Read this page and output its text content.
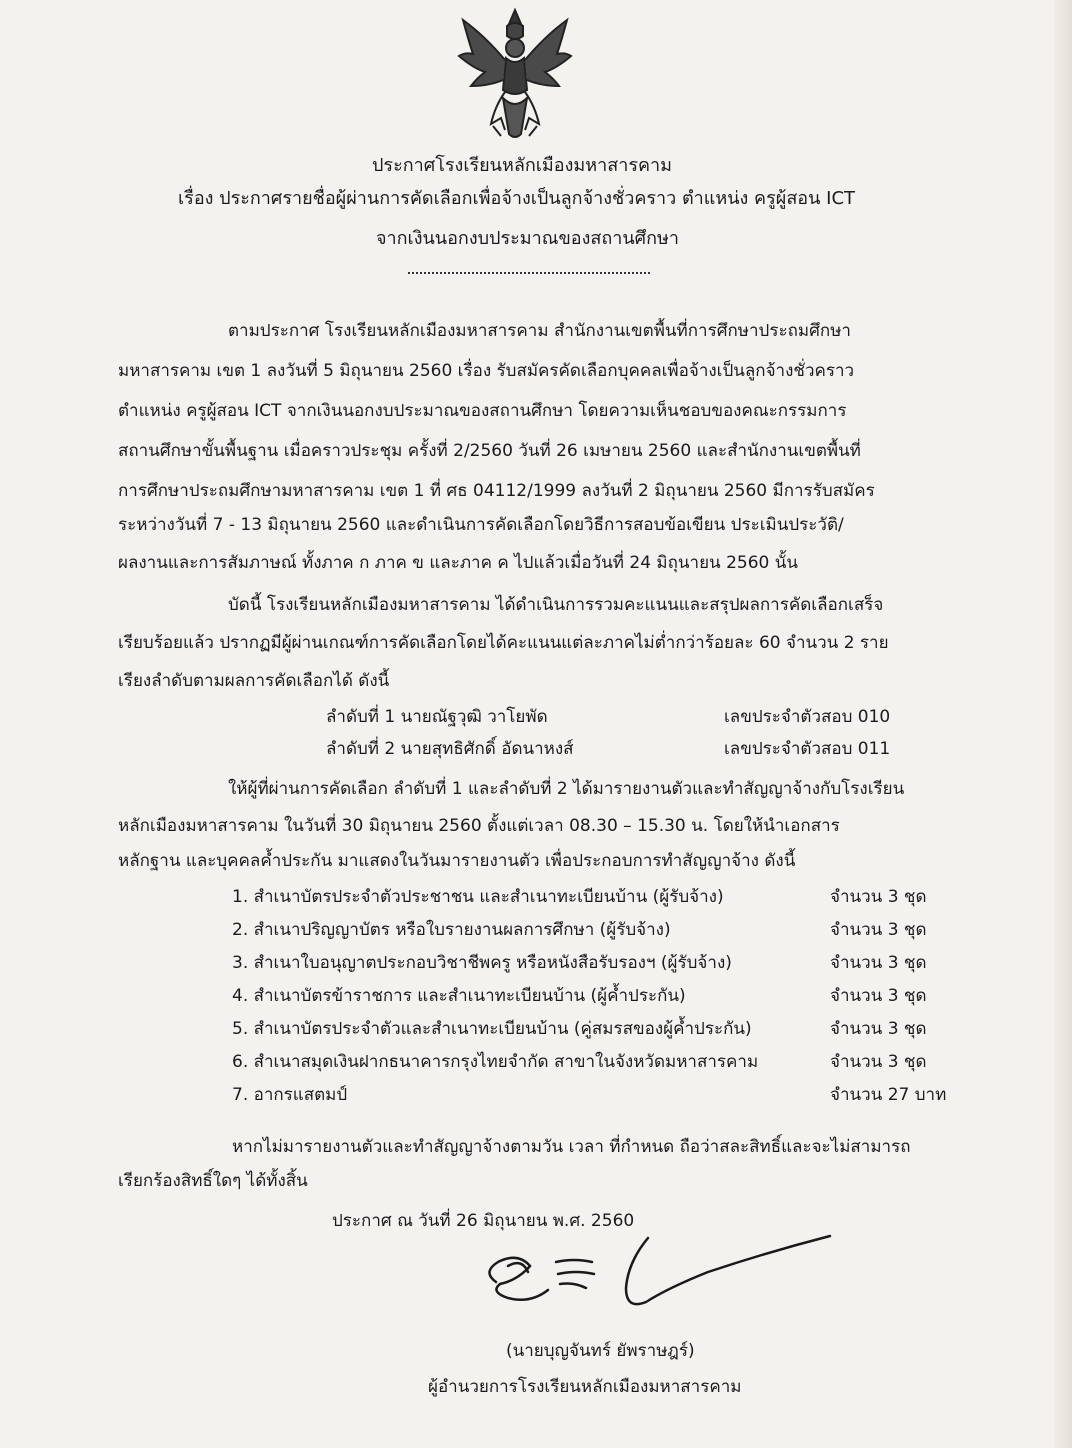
ประกาศโรงเรียนหลักเมืองมหาสารคาม
เรื่อง ประกาศรายชื่อผู้ผ่านการคัดเลือกเพื่อจ้างเป็นลูกจ้างชั่วคราว ตำแหน่ง ครูผู้สอน ICT
จากเงินนอกงบประมาณของสถานศึกษา
ตามประกาศ โรงเรียนหลักเมืองมหาสารคาม สำนักงานเขตพื้นที่การศึกษาประถมศึกษา
มหาสารคาม เขต 1 ลงวันที่ 5 มิถุนายน 2560 เรื่อง รับสมัครคัดเลือกบุคคลเพื่อจ้างเป็นลูกจ้างชั่วคราว
ตำแหน่ง ครูผู้สอน ICT จากเงินนอกงบประมาณของสถานศึกษา โดยความเห็นชอบของคณะกรรมการ
สถานศึกษาขั้นพื้นฐาน เมื่อคราวประชุม ครั้งที่ 2/2560 วันที่ 26 เมษายน 2560 และสำนักงานเขตพื้นที่
การศึกษาประถมศึกษามหาสารคาม เขต 1 ที่ ศธ 04112/1999 ลงวันที่ 2 มิถุนายน 2560 มีการรับสมัคร
ระหว่างวันที่ 7 - 13 มิถุนายน 2560 และดำเนินการคัดเลือกโดยวิธีการสอบข้อเขียน ประเมินประวัติ/
ผลงานและการสัมภาษณ์ ทั้งภาค ก ภาค ข และภาค ค ไปแล้วเมื่อวันที่ 24 มิถุนายน 2560 นั้น
บัดนี้ โรงเรียนหลักเมืองมหาสารคาม ได้ดำเนินการรวมคะแนนและสรุปผลการคัดเลือกเสร็จ
เรียบร้อยแล้ว ปรากฏมีผู้ผ่านเกณฑ์การคัดเลือกโดยได้คะแนนแต่ละภาคไม่ต่ำกว่าร้อยละ 60 จำนวน 2 ราย
เรียงลำดับตามผลการคัดเลือกได้ ดังนี้
ลำดับที่ 1 นายณัฐวุฒิ วาโยพัด	เลขประจำตัวสอบ 010
ลำดับที่ 2 นายสุทธิศักดิ์ อัดนาหงส์	เลขประจำตัวสอบ 011
ให้ผู้ที่ผ่านการคัดเลือก ลำดับที่ 1 และลำดับที่ 2 ได้มารายงานตัวและทำสัญญาจ้างกับโรงเรียน
หลักเมืองมหาสารคาม ในวันที่ 30 มิถุนายน 2560 ตั้งแต่เวลา 08.30 – 15.30 น. โดยให้นำเอกสาร
หลักฐาน และบุคคลค้ำประกัน มาแสดงในวันมารายงานตัว เพื่อประกอบการทำสัญญาจ้าง ดังนี้
1. สำเนาบัตรประจำตัวประชาชน และสำเนาทะเบียนบ้าน (ผู้รับจ้าง)	จำนวน 3 ชุด
2. สำเนาปริญญาบัตร หรือใบรายงานผลการศึกษา (ผู้รับจ้าง)	จำนวน 3 ชุด
3. สำเนาใบอนุญาตประกอบวิชาชีพครู หรือหนังสือรับรองฯ (ผู้รับจ้าง)	จำนวน 3 ชุด
4. สำเนาบัตรข้าราชการ และสำเนาทะเบียนบ้าน (ผู้ค้ำประกัน)	จำนวน 3 ชุด
5. สำเนาบัตรประจำตัวและสำเนาทะเบียนบ้าน (คู่สมรสของผู้ค้ำประกัน)	จำนวน 3 ชุด
6. สำเนาสมุดเงินฝากธนาคารกรุงไทยจำกัด สาขาในจังหวัดมหาสารคาม	จำนวน 3 ชุด
7. อากรแสตมป์	จำนวน 27 บาท
หากไม่มารายงานตัวและทำสัญญาจ้างตามวัน เวลา ที่กำหนด ถือว่าสละสิทธิ์และจะไม่สามารถ
เรียกร้องสิทธิ์ใดๆ ได้ทั้งสิ้น
ประกาศ ณ วันที่ 26 มิถุนายน พ.ศ. 2560
(นายบุญจันทร์ ยัพราษฎร์)
ผู้อำนวยการโรงเรียนหลักเมืองมหาสารคาม
